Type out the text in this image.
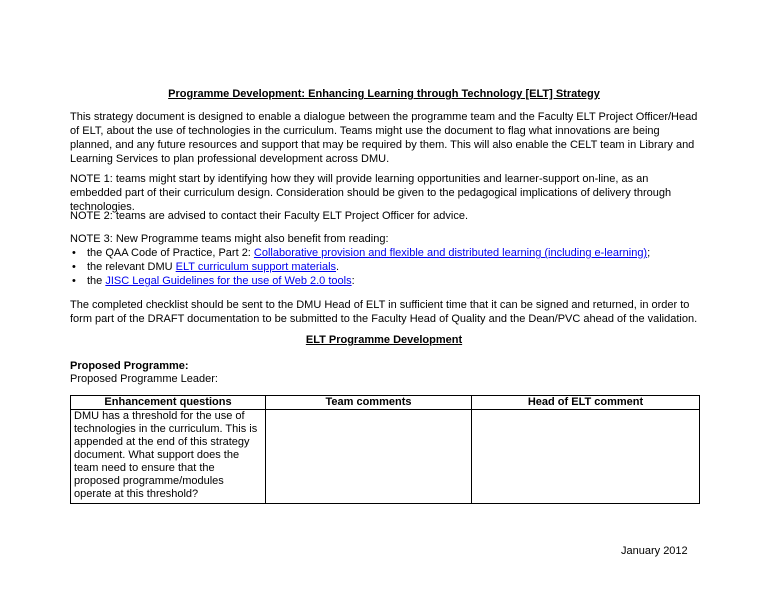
Programme Development: Enhancing Learning through Technology [ELT] Strategy
This strategy document is designed to enable a dialogue between the programme team and the Faculty ELT Project Officer/Head of ELT, about the use of technologies in the curriculum. Teams might use the document to flag what innovations are being planned, and any future resources and support that may be required by them. This will also enable the CELT team in Library and Learning Services to plan professional development across DMU.
NOTE 1: teams might start by identifying how they will provide learning opportunities and learner-support on-line, as an embedded part of their curriculum design. Consideration should be given to the pedagogical implications of delivery through technologies.
NOTE 2: teams are advised to contact their Faculty ELT Project Officer for advice.
NOTE 3: New Programme teams might also benefit from reading:
• the QAA Code of Practice, Part 2: Collaborative provision and flexible and distributed learning (including e-learning);
• the relevant DMU ELT curriculum support materials.
• the JISC Legal Guidelines for the use of Web 2.0 tools:
The completed checklist should be sent to the DMU Head of ELT in sufficient time that it can be signed and returned, in order to form part of the DRAFT documentation to be submitted to the Faculty Head of Quality and the Dean/PVC ahead of the validation.
ELT Programme Development
Proposed Programme:
Proposed Programme Leader:
Enhancement questions	Team comments	Head of ELT comment
DMU has a threshold for the use of technologies in the curriculum. This is appended at the end of this strategy document. What support does the team need to ensure that the proposed programme/modules operate at this threshold?		
January 2012
